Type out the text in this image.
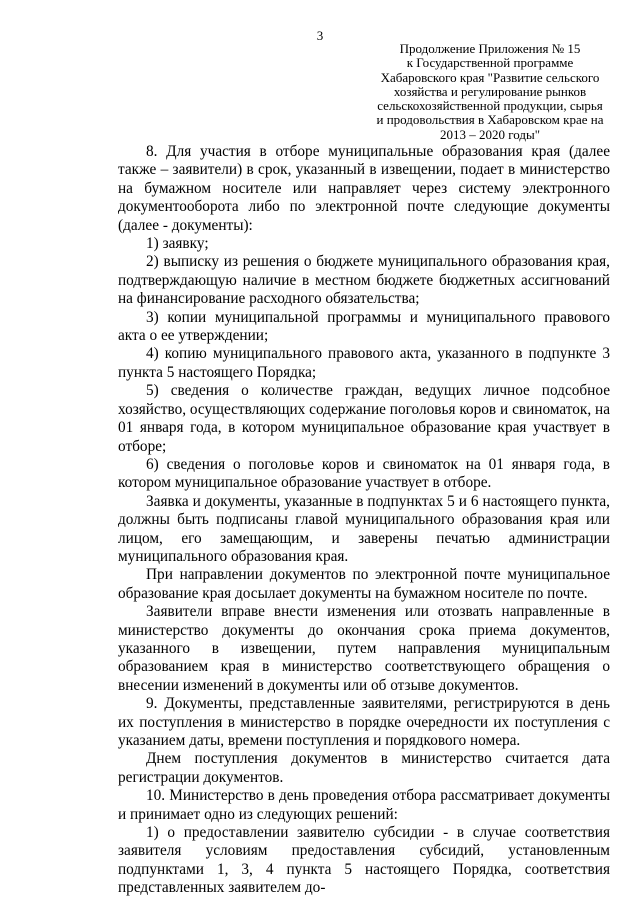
3
Продолжение Приложения № 15
к Государственной программе
Хабаровского края "Развитие сельского
хозяйства и регулирование рынков
сельскохозяйственной продукции, сырья
и продовольствия в Хабаровском крае на
2013 – 2020 годы"

8. Для участия в отборе муниципальные образования края (далее также – заявители) в срок, указанный в извещении, подает в министерство на бумажном носителе или направляет через систему электронного документооборота либо по электронной почте следующие документы (далее - документы):

1) заявку;

2) выписку из решения о бюджете муниципального образования края, подтверждающую наличие в местном бюджете бюджетных ассигнований на финансирование расходного обязательства;

3) копии муниципальной программы и муниципального правового акта о ее утверждении;

4) копию муниципального правового акта, указанного в подпункте 3 пункта 5 настоящего Порядка;

5) сведения о количестве граждан, ведущих личное подсобное хозяйство, осуществляющих содержание поголовья коров и свиноматок, на 01 января года, в котором муниципальное образование края участвует в отборе;

6) сведения о поголовье коров и свиноматок на 01 января года, в котором муниципальное образование участвует в отборе.

Заявка и документы, указанные в подпунктах 5 и 6 настоящего пункта, должны быть подписаны главой муниципального образования края или лицом, его замещающим, и заверены печатью администрации муниципального образования края.

При направлении документов по электронной почте муниципальное образование края досылает документы на бумажном носителе по почте.

Заявители вправе внести изменения или отозвать направленные в министерство документы до окончания срока приема документов, указанного в извещении, путем направления муниципальным образованием края в министерство соответствующего обращения о внесении изменений в документы или об отзыве документов.

9. Документы, представленные заявителями, регистрируются в день их поступления в министерство в порядке очередности их поступления с указанием даты, времени поступления и порядкового номера.

Днем поступления документов в министерство считается дата регистрации документов.

10. Министерство в день проведения отбора рассматривает документы и принимает одно из следующих решений:

1) о предоставлении заявителю субсидии - в случае соответствия заявителя условиям предоставления субсидий, установленным подпунктами 1, 3, 4 пункта 5 настоящего Порядка, соответствия представленных заявителем до-
